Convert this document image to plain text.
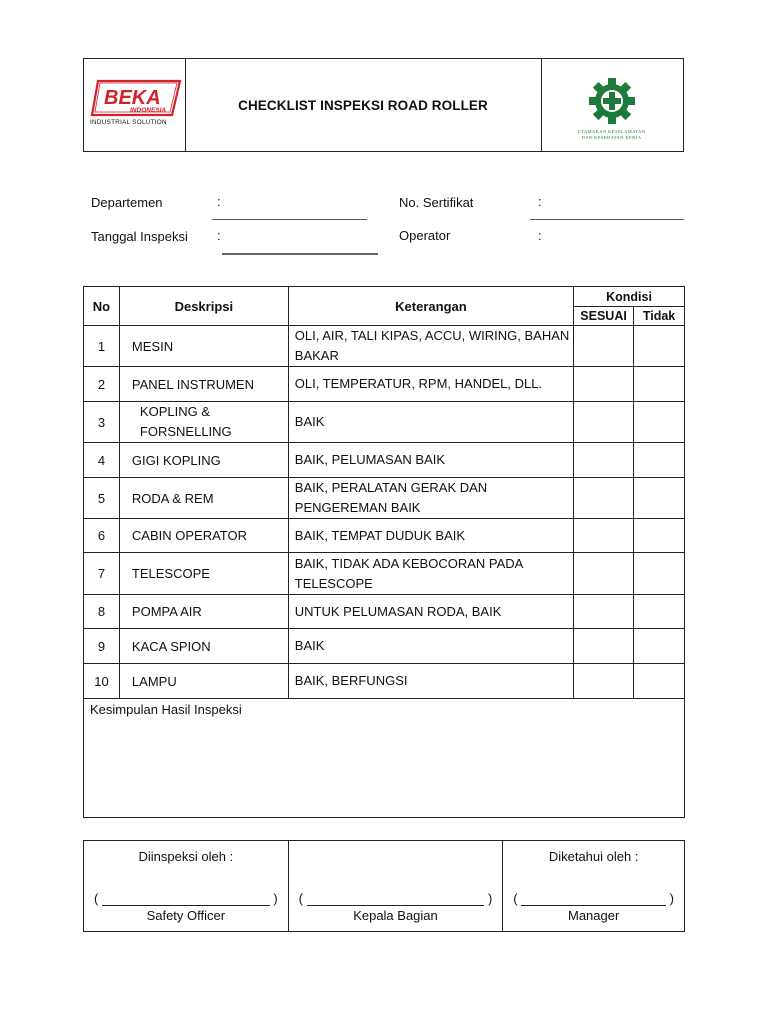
BEKA
INDONESIA
INDUSTRIAL SOLUTION
CHECKLIST INSPEKSI ROAD ROLLER
UTAMAKAN KESELAMATAN
DAN KESEHATAN KERJA
Departemen	:
Tanggal Inspeksi :
No. Sertifikat	:
Operator	:
No	Deskripsi	Keterangan	Kondisi	
			SESUAI	Tidak
1	MESIN	OLI, AIR, TALI KIPAS, ACCU, WIRING, BAHAN BAKAR		
2	PANEL INSTRUMEN	OLI, TEMPERATUR, RPM, HANDEL, DLL.		
3	KOPLING & FORSNELLING	BAIK		
4	GIGI KOPLING	BAIK, PELUMASAN BAIK		
5	RODA & REM	BAIK, PERALATAN GERAK DAN PENGEREMAN BAIK		
6	CABIN OPERATOR	BAIK, TEMPAT DUDUK BAIK		
7	TELESCOPE	BAIK, TIDAK ADA KEBOCORAN PADA TELESCOPE		
8	POMPA AIR	UNTUK PELUMASAN RODA, BAIK		
9	KACA SPION	BAIK		
10	LAMPU	BAIK, BERFUNGSI		
Kesimpulan Hasil Inspeksi				
Diinspeksi oleh :
(	)
Safety Officer

(	)
Kepala Bagian

Diketahui oleh :
(	)
Manager
